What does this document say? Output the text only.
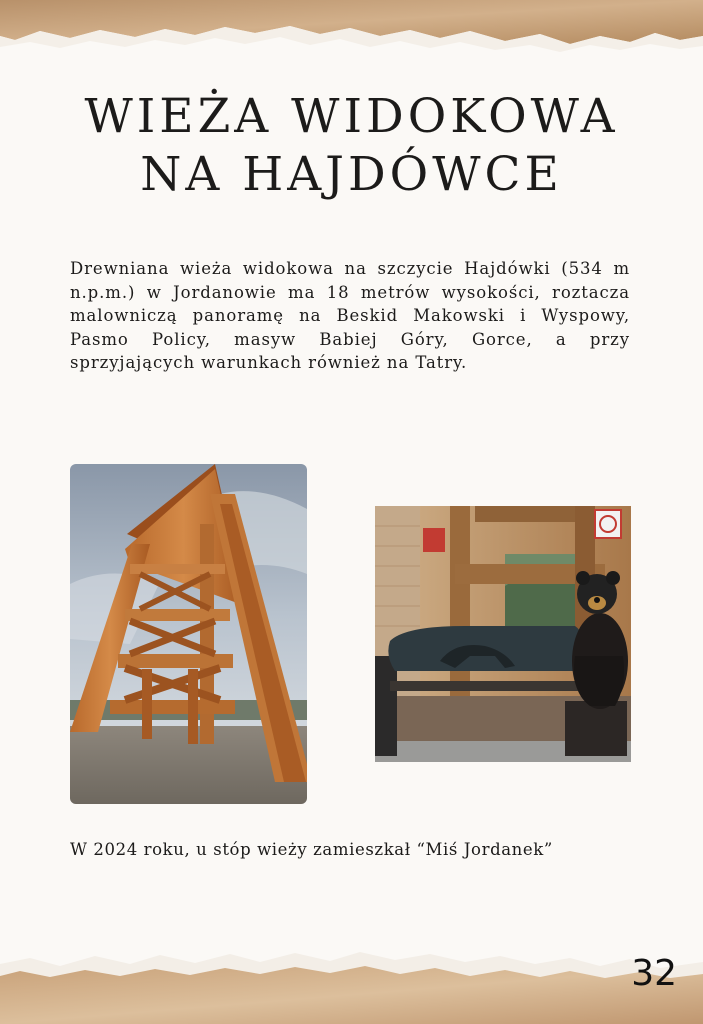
WIEŻA WIDOKOWA
NA HAJDÓWCE

Drewniana wieża widokowa na szczycie Hajdówki (534 m n.p.m.) w Jordanowie ma 18 metrów wysokości, roztacza malowniczą panoramę na Beskid Makowski i Wyspowy, Pasmo Policy, masyw Babiej Góry, Gorce, a przy sprzyjających warunkach również na Tatry.

W 2024 roku, u stóp wieży zamieszkał “Miś Jordanek”

32
